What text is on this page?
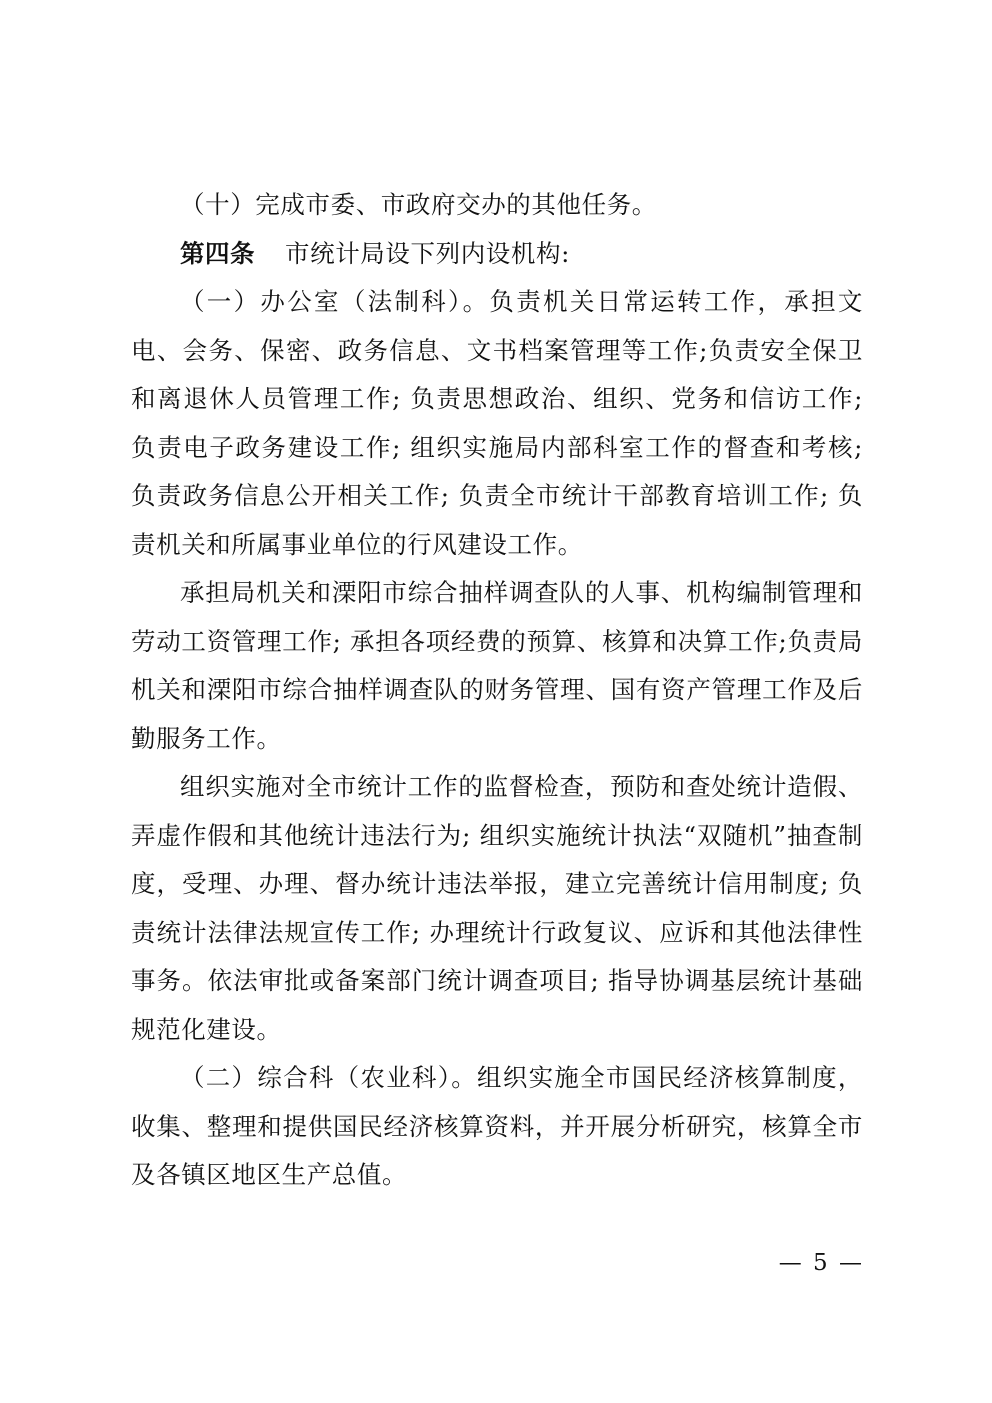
（十）完成市委、市政府交办的其他任务。

第四条 市统计局设下列内设机构:

（一）办公室（法制科）。负责机关日常运转工作，承担文电、会务、保密、政务信息、文书档案管理等工作;负责安全保卫和离退休人员管理工作; 负责思想政治、组织、党务和信访工作; 负责电子政务建设工作; 组织实施局内部科室工作的督查和考核; 负责政务信息公开相关工作; 负责全市统计干部教育培训工作; 负责机关和所属事业单位的行风建设工作。

承担局机关和溧阳市综合抽样调查队的人事、机构编制管理和劳动工资管理工作; 承担各项经费的预算、核算和决算工作;负责局机关和溧阳市综合抽样调查队的财务管理、国有资产管理工作及后勤服务工作。

组织实施对全市统计工作的监督检查，预防和查处统计造假、弄虚作假和其他统计违法行为; 组织实施统计执法“双随机”抽查制度，受理、办理、督办统计违法举报，建立完善统计信用制度; 负责统计法律法规宣传工作; 办理统计行政复议、应诉和其他法律性事务。依法审批或备案部门统计调查项目; 指导协调基层统计基础规范化建设。

（二）综合科（农业科）。组织实施全市国民经济核算制度，收集、整理和提供国民经济核算资料，并开展分析研究，核算全市及各镇区地区生产总值。

— 5 —
